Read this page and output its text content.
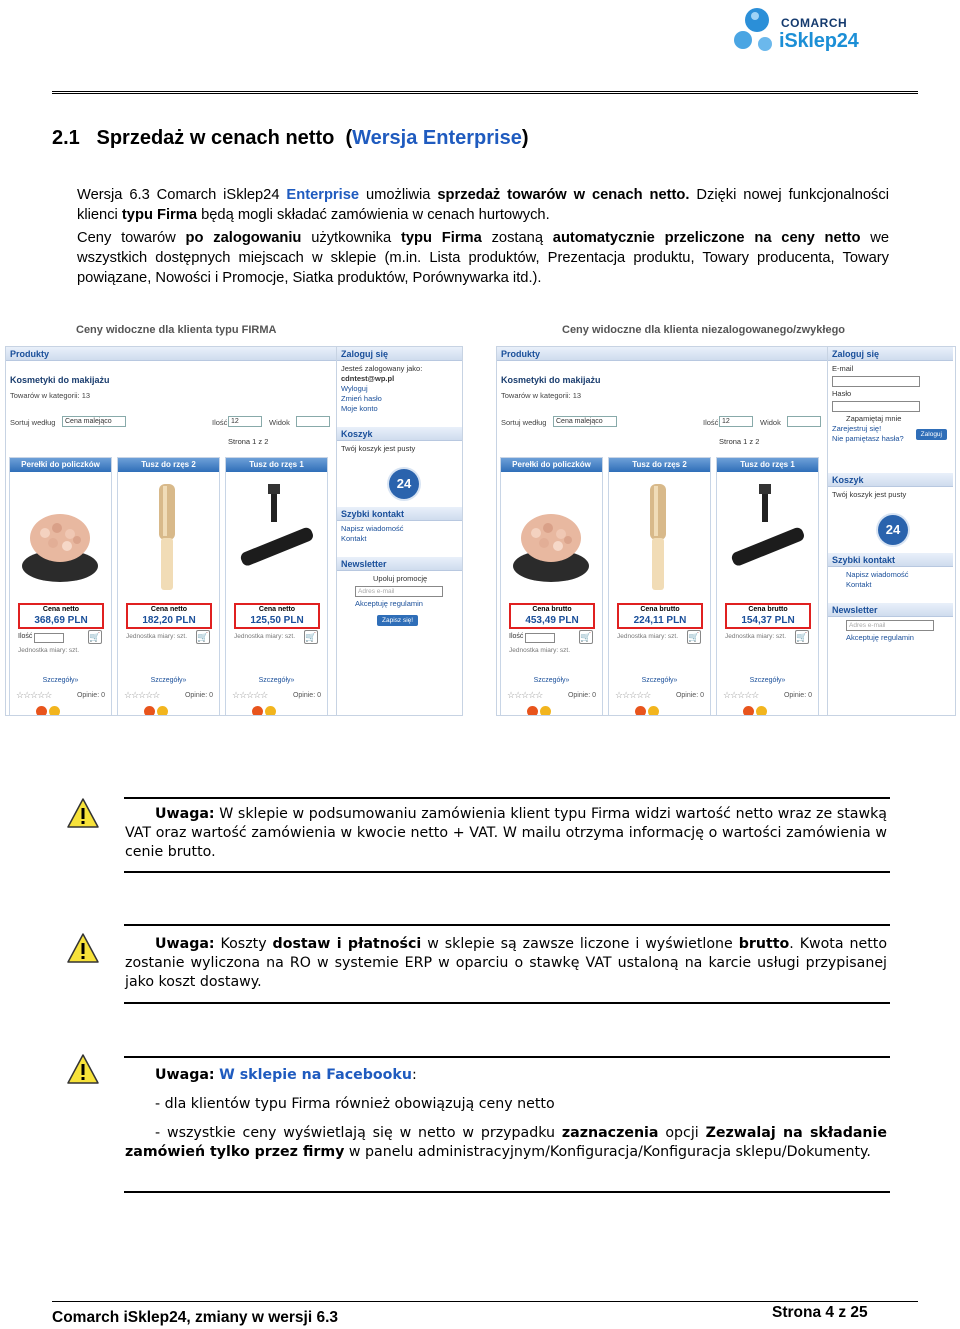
COMARCH
iSklep24
2.1 Sprzedaż w cenach netto (Wersja Enterprise)

Wersja 6.3 Comarch iSklep24 Enterprise umożliwia sprzedaż towarów w cenach netto. Dzięki nowej funkcjonalności klienci typu Firma będą mogli składać zamówienia w cenach hurtowych.

Ceny towarów po zalogowaniu użytkownika typu Firma zostaną automatycznie przeliczone na ceny netto we wszystkich dostępnych miejscach w sklepie (m.in. Lista produktów, Prezentacja produktu, Towary producenta, Towary powiązane, Nowości i Promocje, Siatka produktów, Porównywarka itd.).

Ceny widoczne dla klienta typu FIRMA	Ceny widoczne dla klienta niezalogowanego/zwykłego
Produkty
Kosmetyki do makijażu
Towarów w kategorii: 13
Sortuj według	Cena malejąco	Ilość 12	Widok
Strona 1 z 2
Perełki do policzków
Cena netto
368,69 PLN
Ilość	🛒
Jednostka miary: szt.
Szczegóły»
☆☆☆☆☆	Opinie: 0
Tusz do rzęs 2
Cena netto
182,20 PLN
Jednostka miary: szt. 🛒
Szczegóły»
☆☆☆☆☆	Opinie: 0
Tusz do rzęs 1
Cena netto
125,50 PLN
Jednostka miary: szt. 🛒
Szczegóły»
☆☆☆☆☆	Opinie: 0
Zaloguj się
Jesteś zalogowany jako:
cdntest@wp.pl
Wyloguj
Zmień hasło
Moje konto
Koszyk
Twój koszyk jest pusty
24
Szybki kontakt
Napisz wiadomość
Kontakt
Newsletter
Upoluj promocję
Adres e-mail
Akceptuję regulamin
Zapisz się!
Produkty
Kosmetyki do makijażu
Towarów w kategorii: 13
Sortuj według	Cena malejąco	Ilość 12	Widok
Strona 1 z 2
Perełki do policzków
Cena brutto
453,49 PLN
Ilość	🛒
Jednostka miary: szt.
Szczegóły»
☆☆☆☆☆	Opinie: 0
Tusz do rzęs 2
Cena brutto
224,11 PLN
Jednostka miary: szt. 🛒
Szczegóły»
☆☆☆☆☆	Opinie: 0
Tusz do rzęs 1
Cena brutto
154,37 PLN
Jednostka miary: szt. 🛒
Szczegóły»
☆☆☆☆☆	Opinie: 0
Zaloguj się
E-mail
Hasło
Zapamiętaj mnie
Zarejestruj się!
Nie pamiętasz hasła?	Zaloguj
Koszyk
Twój koszyk jest pusty
24
Szybki kontakt
Napisz wiadomość
Kontakt
Newsletter
Adres e-mail
Akceptuję regulamin

Uwaga: W sklepie w podsumowaniu zamówienia klient typu Firma widzi wartość netto wraz ze stawką VAT oraz wartość zamówienia w kwocie netto + VAT. W mailu otrzyma informację o wartości zamówienia w cenie brutto.

Uwaga: Koszty dostaw i płatności w sklepie są zawsze liczone i wyświetlone brutto. Kwota netto zostanie wyliczona na RO w systemie ERP w oparciu o stawkę VAT ustaloną na karcie usługi przypisanej jako koszt dostawy.

Uwaga: W sklepie na Facebooku:

- dla klientów typu Firma również obowiązują ceny netto

- wszystkie ceny wyświetlają się w netto w przypadku zaznaczenia opcji Zezwalaj na składanie zamówień tylko przez firmy w panelu administracyjnym/Konfiguracja/Konfiguracja sklepu/Dokumenty.

Comarch iSklep24, zmiany w wersji 6.3	Strona 4 z 25
